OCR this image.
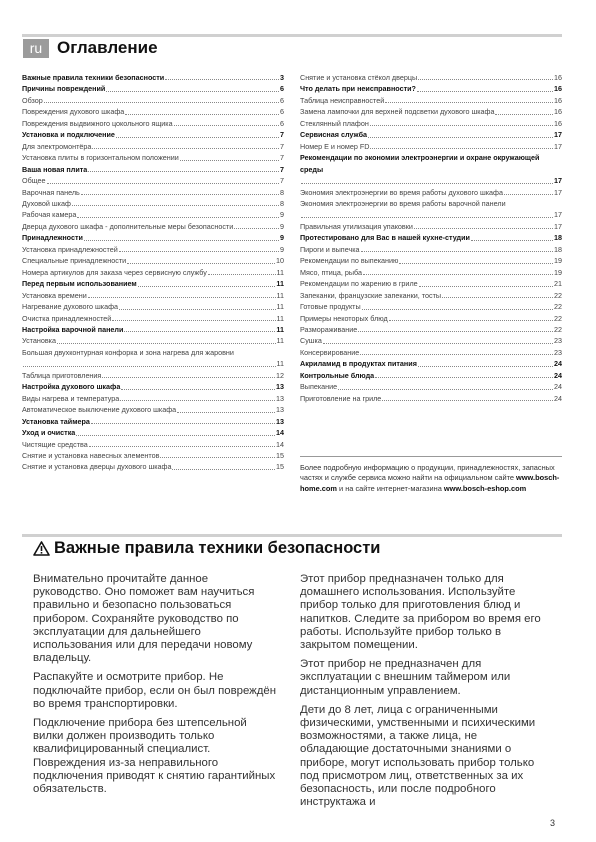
ru Оглавление
Важные правила техники безопасности	3
Причины повреждений	6
Обзор	6
Повреждения духового шкафа	6
Повреждения выдвижного цокольного ящика	6
Установка и подключение	7
Для электромонтёра	7
Установка плиты в горизонтальном положении	7
Ваша новая плита	7
Общее	7
Варочная панель	8
Духовой шкаф	8
Рабочая камера	9
Дверца духового шкафа - дополнительные меры безопасности	9
Принадлежности	9
Установка принадлежностей	9
Специальные принадлежности	10
Номера артикулов для заказа через сервисную службу	11
Перед первым использованием	11
Установка времени	11
Нагревание духового шкафа	11
Очистка принадлежностей	11
Настройка варочной панели	11
Установка	11
Большая двухконтурная конфорка и зона нагрева для жаровни
11
Таблица приготовления	12
Настройка духового шкафа	13
Виды нагрева и температура	13
Автоматическое выключение духового шкафа	13
Установка таймера	13
Уход и очистка	14
Чистящие средства	14
Снятие и установка навесных элементов	15
Снятие и установка дверцы духового шкафа	15
Снятие и установка стёкол дверцы	16
Что делать при неисправности?	16
Таблица неисправностей	16
Замена лампочки для верхней подсветки духового шкафа	16
Стеклянный плафон	16
Сервисная служба	17
Номер Е и номер FD	17
Рекомендации по экономии электроэнергии и охране окружающей среды
17
Экономия электроэнергии во время работы духового шкафа	17
Экономия электроэнергии во время работы варочной панели
17
Правильная утилизация упаковки	17
Протестировано для Вас в нашей кухне-студии	18
Пироги и выпечка	18
Рекомендации по выпеканию	19
Мясо, птица, рыба	19
Рекомендации по жарению в гриле	21
Запеканки, французские запеканки, тосты	22
Готовые продукты	22
Примеры некоторых блюд	22
Размораживание	22
Сушка	23
Консервирование	23
Акриламид в продуктах питания	24
Контрольные блюда	24
Выпекание	24
Приготовление на гриле	24
Более подробную информацию о продукции, принадлежностях, запасных частях и службе сервиса можно найти на официальном сайте www.bosch-home.com и на сайте интернет-магазина www.bosch-eshop.com
Важные правила техники безопасности

Внимательно прочитайте данное руководство. Оно поможет вам научиться правильно и безопасно пользоваться прибором. Сохраняйте руководство по эксплуатации для дальнейшего использования или для передачи новому владельцу.

Распакуйте и осмотрите прибор. Не подключайте прибор, если он был повреждён во время транспортировки.

Подключение прибора без штепсельной вилки должен производить только квалифицированный специалист. Повреждения из-за неправильного подключения приводят к снятию гарантийных обязательств.

Этот прибор предназначен только для домашнего использования. Используйте прибор только для приготовления блюд и напитков. Следите за прибором во время его работы. Используйте прибор только в закрытом помещении.

Этот прибор не предназначен для эксплуатации с внешним таймером или дистанционным управлением.

Дети до 8 лет, лица с ограниченными физическими, умственными и психическими возможностями, а также лица, не обладающие достаточными знаниями о приборе, могут использовать прибор только под присмотром лиц, ответственных за их безопасность, или после подробного инструктажа и

3
